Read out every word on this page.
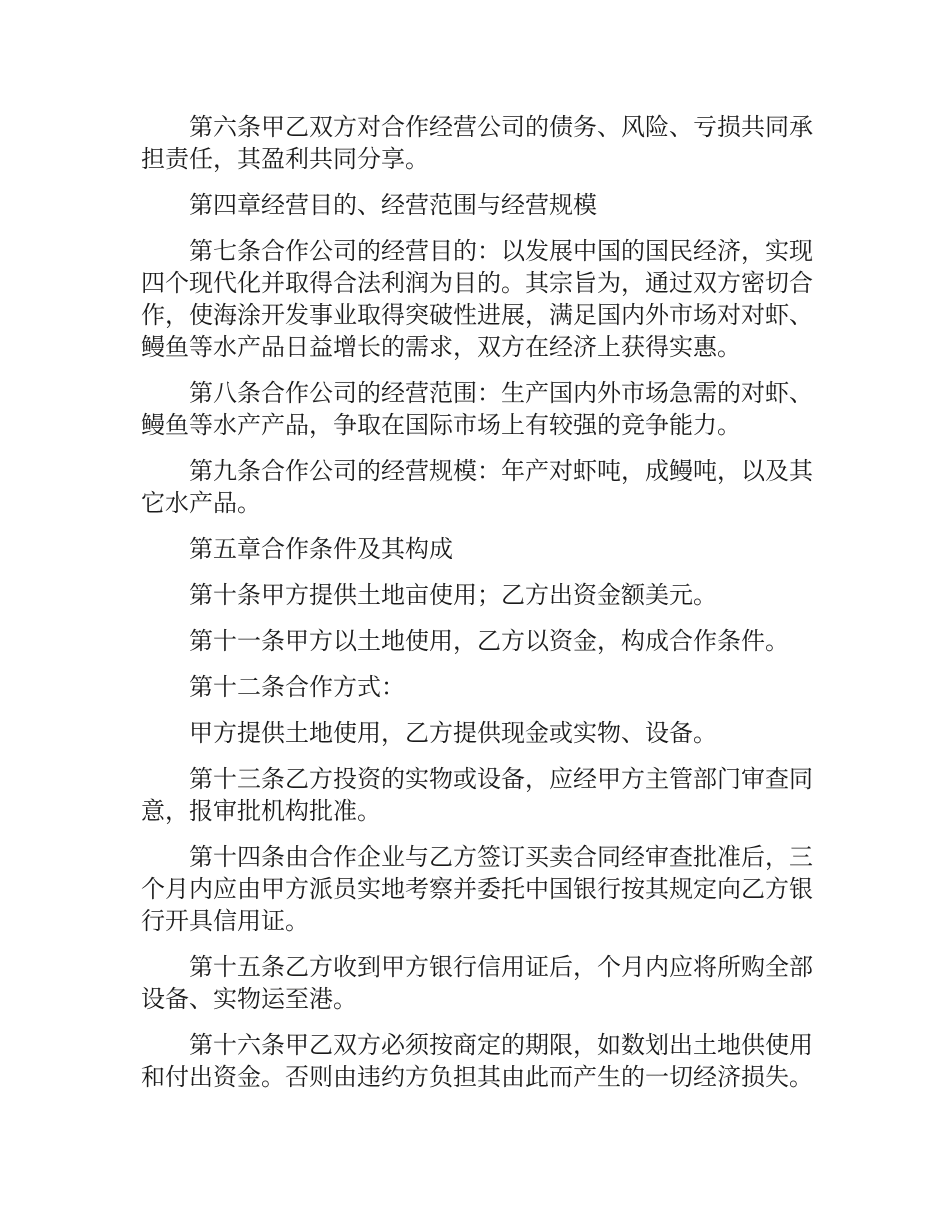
第六条甲乙双方对合作经营公司的债务、风险、亏损共同承担责任，其盈利共同分享。

第四章经营目的、经营范围与经营规模

第七条合作公司的经营目的：以发展中国的国民经济，实现四个现代化并取得合法利润为目的。其宗旨为，通过双方密切合作，使海涂开发事业取得突破性进展，满足国内外市场对对虾、鳗鱼等水产品日益增长的需求，双方在经济上获得实惠。

第八条合作公司的经营范围：生产国内外市场急需的对虾、鳗鱼等水产产品，争取在国际市场上有较强的竞争能力。

第九条合作公司的经营规模：年产对虾吨，成鳗吨，以及其它水产品。

第五章合作条件及其构成

第十条甲方提供土地亩使用；乙方出资金额美元。

第十一条甲方以土地使用，乙方以资金，构成合作条件。

第十二条合作方式：

甲方提供土地使用，乙方提供现金或实物、设备。

第十三条乙方投资的实物或设备，应经甲方主管部门审查同意，报审批机构批准。

第十四条由合作企业与乙方签订买卖合同经审查批准后，三个月内应由甲方派员实地考察并委托中国银行按其规定向乙方银行开具信用证。

第十五条乙方收到甲方银行信用证后，个月内应将所购全部设备、实物运至港。

第十六条甲乙双方必须按商定的期限，如数划出土地供使用和付出资金。否则由违约方负担其由此而产生的一切经济损失。
